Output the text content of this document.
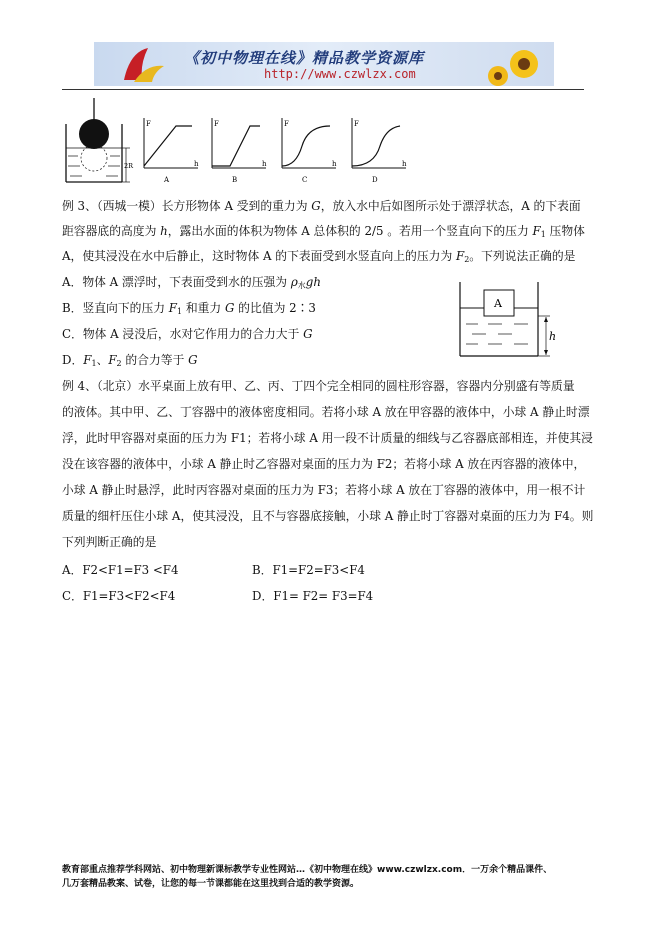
《初中物理在线》精品教学资源库
http://www.czwlzx.com
2R
F
h
A
F
h
B
F
h
C
F
h
D
例 3、（西城一模）长方形物体 A 受到的重力为 G，放入水中后如图所示处于漂浮状态，A 的下表面
距容器底的高度为 h，露出水面的体积为物体 A 总体积的 2/5 。若用一个竖直向下的压力 $F_1$ 压物体
A，使其浸没在水中后静止，这时物体 A 的下表面受到水竖直向上的压力为 $F_2$。下列说法正确的是
A．物体 A 漂浮时，下表面受到水的压强为 $\rho_水gh$
B．竖直向下的压力 $F_1$ 和重力 G 的比值为 2∶3
C．物体 A 浸没后，水对它作用力的合力大于 G
D．$F_1$、$F_2$ 的合力等于 G
A
h
例 4、（北京）水平桌面上放有甲、乙、丙、丁四个完全相同的圆柱形容器，容器内分别盛有等质量
的液体。其中甲、乙、丁容器中的液体密度相同。若将小球 A 放在甲容器的液体中，小球 A 静止时漂
浮，此时甲容器对桌面的压力为 F1；若将小球 A 用一段不计质量的细线与乙容器底部相连，并使其浸
没在该容器的液体中，小球 A 静止时乙容器对桌面的压力为 F2；若将小球 A 放在丙容器的液体中，
小球 A 静止时悬浮，此时丙容器对桌面的压力为 F3；若将小球 A 放在丁容器的液体中，用一根不计
质量的细杆压住小球 A，使其浸没，且不与容器底接触，小球 A 静止时丁容器对桌面的压力为 F4。则
下列判断正确的是
A．F2<F1=F3 <F4	B．F1=F2=F3<F4
C．F1=F3<F2<F4	D．F1= F2= F3=F4
教育部重点推荐学科网站、初中物理新课标教学专业性网站…《初中物理在线》www.czwlzx.com．一万余个精品课件、
几万套精品教案、试卷，让您的每一节课都能在这里找到合适的教学资源。
